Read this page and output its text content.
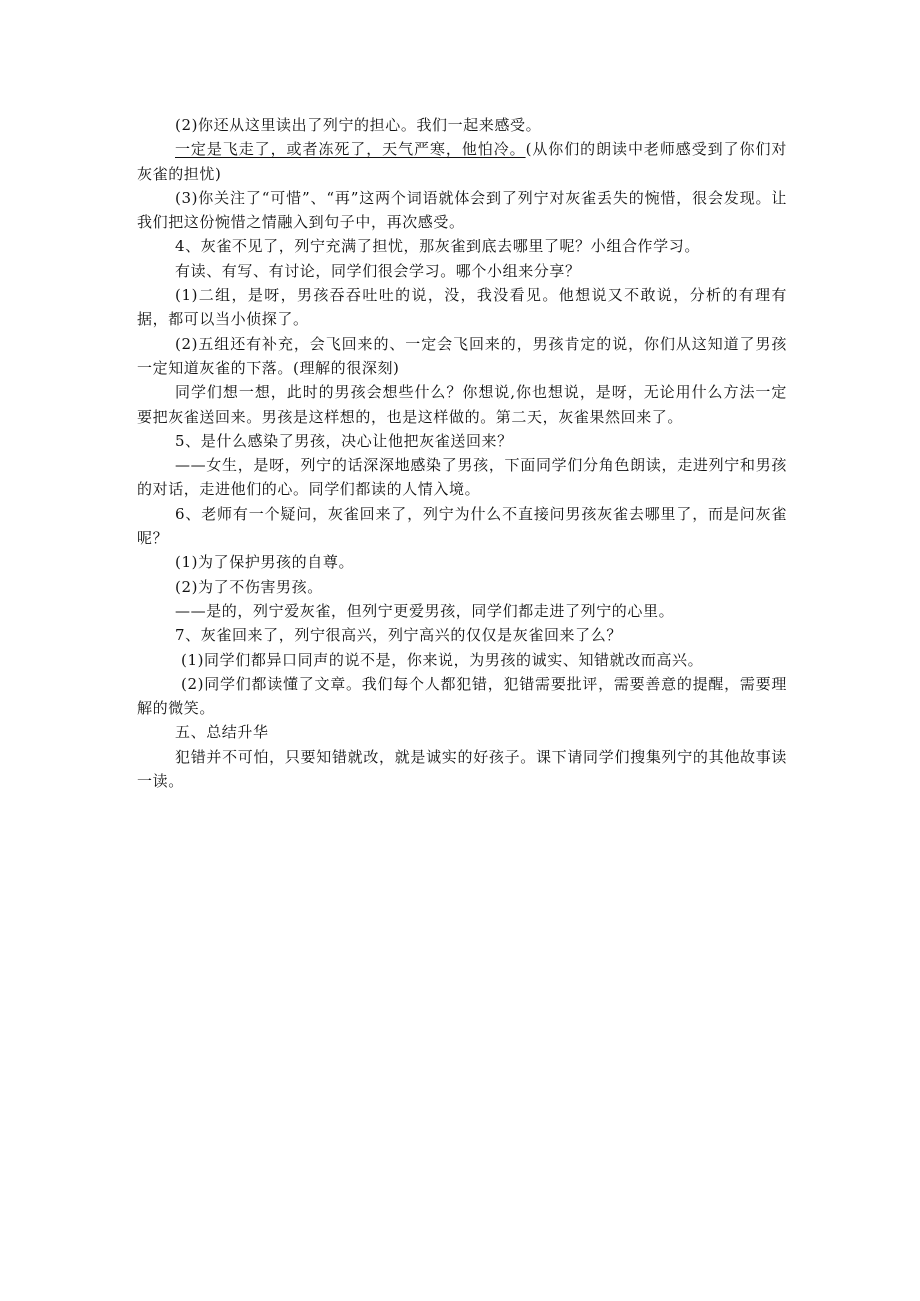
(2)你还从这里读出了列宁的担心。我们一起来感受。

一定是飞走了，或者冻死了，天气严寒，他怕冷。(从你们的朗读中老师感受到了你们对灰雀的担忧)

(3)你关注了“可惜”、“再”这两个词语就体会到了列宁对灰雀丢失的惋惜，很会发现。让我们把这份惋惜之情融入到句子中，再次感受。

4、灰雀不见了，列宁充满了担忧，那灰雀到底去哪里了呢？小组合作学习。

有读、有写、有讨论，同学们很会学习。哪个小组来分享？

(1)二组，是呀，男孩吞吞吐吐的说，没，我没看见。他想说又不敢说，分析的有理有据，都可以当小侦探了。

(2)五组还有补充，会飞回来的、一定会飞回来的，男孩肯定的说，你们从这知道了男孩一定知道灰雀的下落。(理解的很深刻)

同学们想一想，此时的男孩会想些什么？你想说,你也想说，是呀，无论用什么方法一定要把灰雀送回来。男孩是这样想的，也是这样做的。第二天，灰雀果然回来了。

5、是什么感染了男孩，决心让他把灰雀送回来？

——女生，是呀，列宁的话深深地感染了男孩，下面同学们分角色朗读，走进列宁和男孩的对话，走进他们的心。同学们都读的人情入境。

6、老师有一个疑问，灰雀回来了，列宁为什么不直接问男孩灰雀去哪里了，而是问灰雀呢？

(1)为了保护男孩的自尊。

(2)为了不伤害男孩。

——是的，列宁爱灰雀，但列宁更爱男孩，同学们都走进了列宁的心里。

7、灰雀回来了，列宁很高兴，列宁高兴的仅仅是灰雀回来了么？

(1)同学们都异口同声的说不是，你来说，为男孩的诚实、知错就改而高兴。

(2)同学们都读懂了文章。我们每个人都犯错，犯错需要批评，需要善意的提醒，需要理解的微笑。

五、总结升华

犯错并不可怕，只要知错就改，就是诚实的好孩子。课下请同学们搜集列宁的其他故事读一读。
